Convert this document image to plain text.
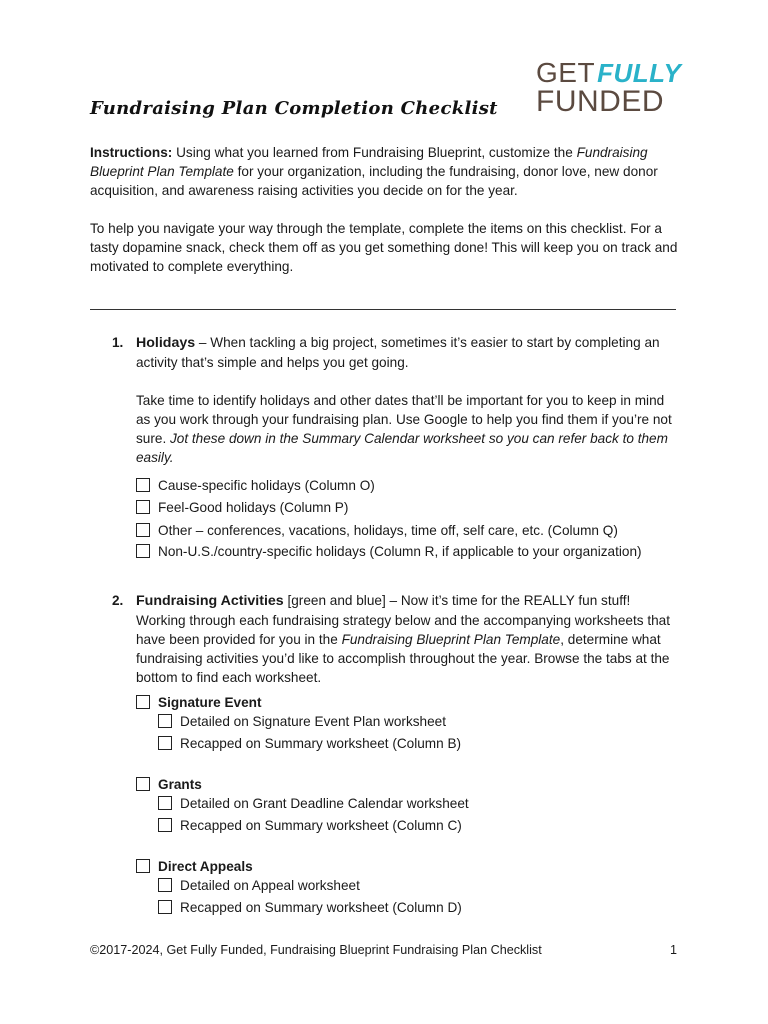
GETFULLY
FUNDED
Fundraising Plan Completion Checklist
Instructions: Using what you learned from Fundraising Blueprint, customize the Fundraising Blueprint Plan Template for your organization, including the fundraising, donor love, new donor acquisition, and awareness raising activities you decide on for the year.
To help you navigate your way through the template, complete the items on this checklist. For a tasty dopamine snack, check them off as you get something done! This will keep you on track and motivated to complete everything.
1. Holidays – When tackling a big project, sometimes it’s easier to start by completing an activity that’s simple and helps you get going.
Take time to identify holidays and other dates that’ll be important for you to keep in mind as you work through your fundraising plan. Use Google to help you find them if you’re not sure. Jot these down in the Summary Calendar worksheet so you can refer back to them easily.
Cause-specific holidays (Column O)
Feel-Good holidays (Column P)
Other – conferences, vacations, holidays, time off, self care, etc. (Column Q)
Non-U.S./country-specific holidays (Column R, if applicable to your organization)
2. Fundraising Activities [green and blue] – Now it’s time for the REALLY fun stuff! Working through each fundraising strategy below and the accompanying worksheets that have been provided for you in the Fundraising Blueprint Plan Template, determine what fundraising activities you’d like to accomplish throughout the year. Browse the tabs at the bottom to find each worksheet.
Signature Event
Detailed on Signature Event Plan worksheet
Recapped on Summary worksheet (Column B)
Grants
Detailed on Grant Deadline Calendar worksheet
Recapped on Summary worksheet (Column C)
Direct Appeals
Detailed on Appeal worksheet
Recapped on Summary worksheet (Column D)
©2017-2024, Get Fully Funded, Fundraising Blueprint Fundraising Plan Checklist	1
